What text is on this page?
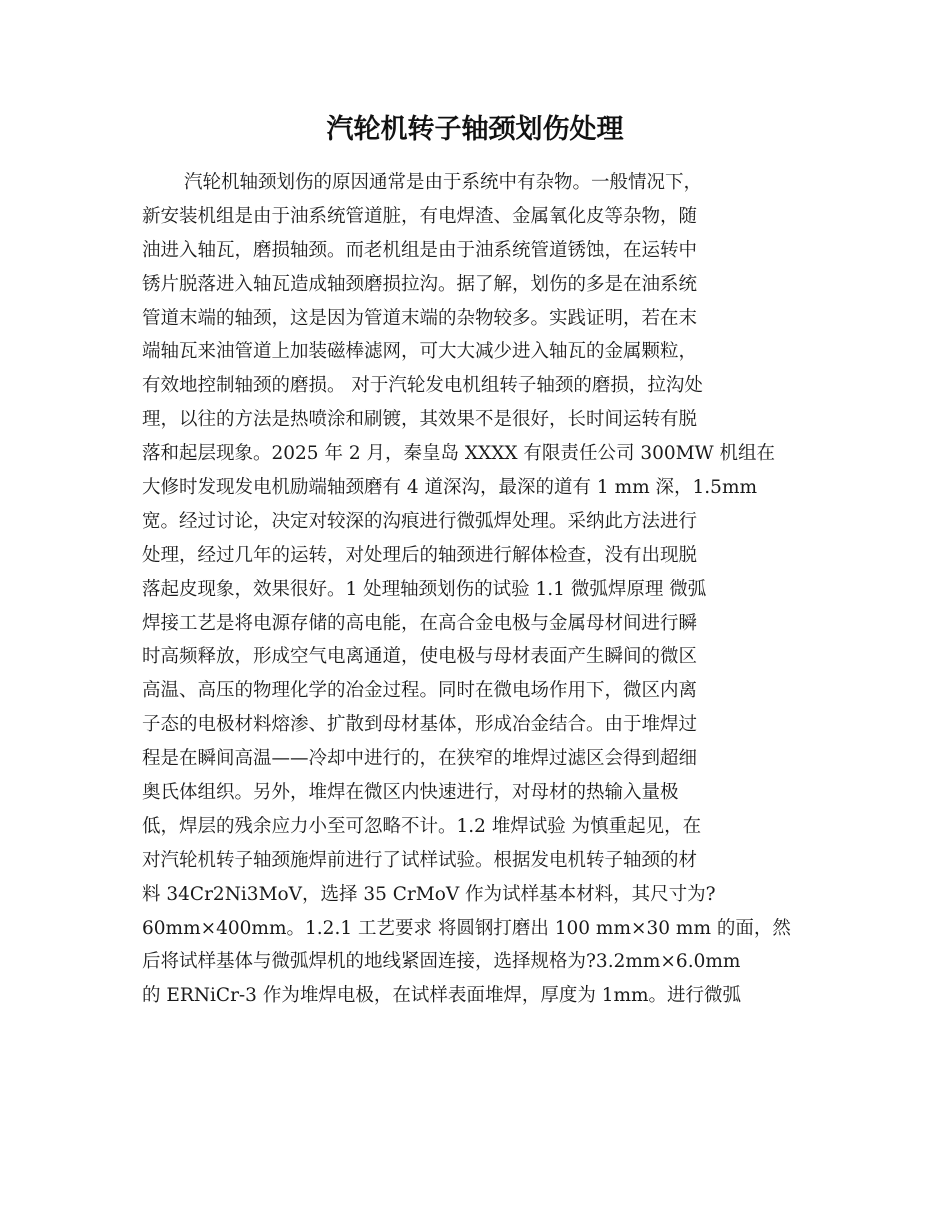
汽轮机转子轴颈划伤处理
汽轮机轴颈划伤的原因通常是由于系统中有杂物。一般情况下，
新安装机组是由于油系统管道脏，有电焊渣、金属氧化皮等杂物，随
油进入轴瓦，磨损轴颈。而老机组是由于油系统管道锈蚀，在运转中
锈片脱落进入轴瓦造成轴颈磨损拉沟。据了解，划伤的多是在油系统
管道末端的轴颈，这是因为管道末端的杂物较多。实践证明，若在末
端轴瓦来油管道上加装磁棒滤网，可大大减少进入轴瓦的金属颗粒，
有效地控制轴颈的磨损。 对于汽轮发电机组转子轴颈的磨损，拉沟处
理，以往的方法是热喷涂和刷镀，其效果不是很好，长时间运转有脱
落和起层现象。2025 年 2 月，秦皇岛 XXXX 有限责任公司 300MW 机组在
大修时发现发电机励端轴颈磨有 4 道深沟，最深的道有 1 mm 深，1.5mm
宽。经过讨论，决定对较深的沟痕进行微弧焊处理。采纳此方法进行
处理，经过几年的运转，对处理后的轴颈进行解体检查，没有出现脱
落起皮现象，效果很好。1 处理轴颈划伤的试验 1.1 微弧焊原理 微弧
焊接工艺是将电源存储的高电能，在高合金电极与金属母材间进行瞬
时高频释放，形成空气电离通道，使电极与母材表面产生瞬间的微区
高温、高压的物理化学的冶金过程。同时在微电场作用下，微区内离
子态的电极材料熔渗、扩散到母材基体，形成冶金结合。由于堆焊过
程是在瞬间高温——冷却中进行的，在狭窄的堆焊过滤区会得到超细
奥氏体组织。另外，堆焊在微区内快速进行，对母材的热输入量极
低，焊层的残余应力小至可忽略不计。1.2 堆焊试验 为慎重起见，在
对汽轮机转子轴颈施焊前进行了试样试验。根据发电机转子轴颈的材
料 34Cr2Ni3MoV，选择 35 CrMoV 作为试样基本材料，其尺寸为?
60mm×400mm。1.2.1 工艺要求 将圆钢打磨出 100 mm×30 mm 的面，然
后将试样基体与微弧焊机的地线紧固连接，选择规格为?3.2mm×6.0mm
的 ERNiCr-3 作为堆焊电极，在试样表面堆焊，厚度为 1mm。进行微弧
